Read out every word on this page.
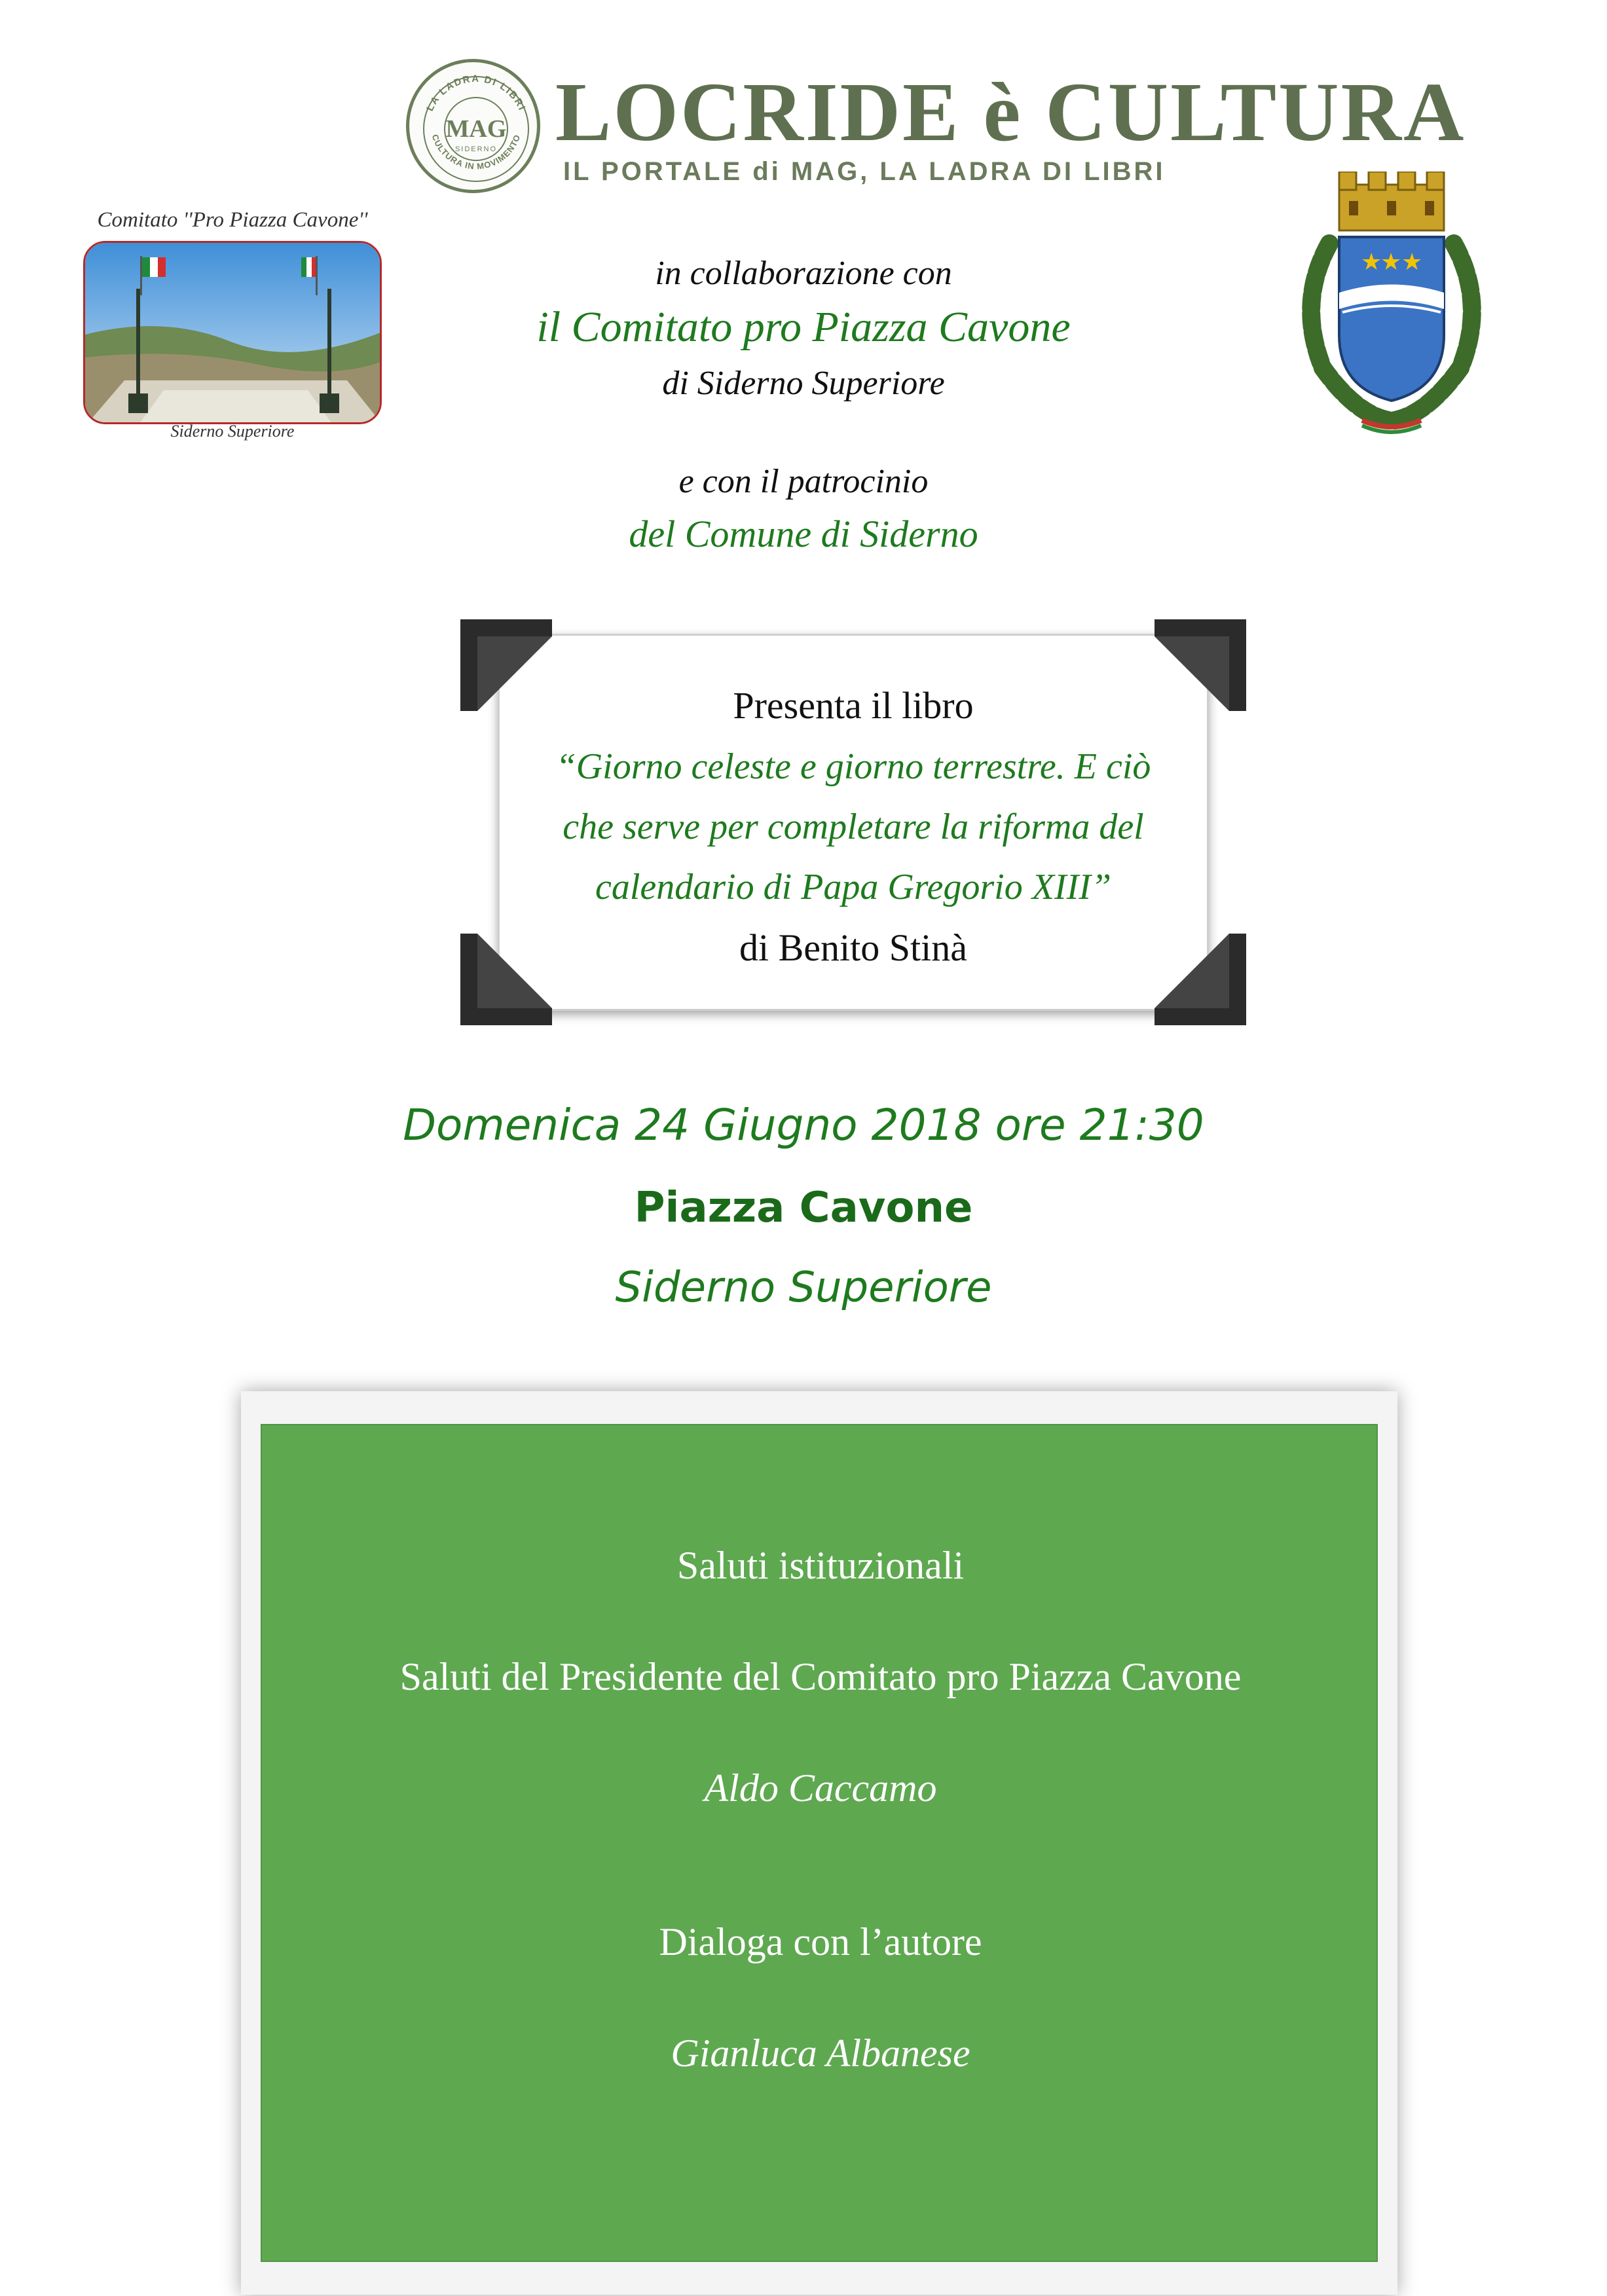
LA LADRA DI LIBRI
CULTURA IN MOVIMENTO
MAG
SIDERNO LOCRIDE è CULTURA
IL PORTALE di MAG, LA LADRA DI LIBRI
Comitato ''Pro Piazza Cavone''
Siderno Superiore
★
★ ★
in collaborazione con
il Comitato pro Piazza Cavone
di Siderno Superiore
e con il patrocinio
del Comune di Siderno
Presenta il libro
“Giorno celeste e giorno terrestre. E ciò
che serve per completare la riforma del
calendario di Papa Gregorio XIII”
di Benito Stinà
Domenica 24 Giugno 2018 ore 21:30
Piazza Cavone
Siderno Superiore
Saluti istituzionali
Saluti del Presidente del Comitato pro Piazza Cavone
Aldo Caccamo
Dialoga con l’autore
Gianluca Albanese
